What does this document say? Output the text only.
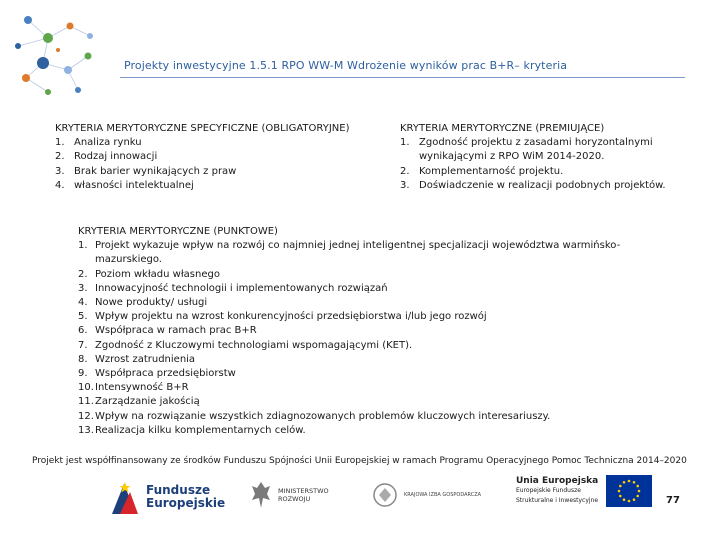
Projekty inwestycyjne 1.5.1 RPO WW-M Wdrożenie wyników prac B+R– kryteria
KRYTERIA MERYTORYCZNE SPECYFICZNE (OBLIGATORYJNE)
1. Analiza rynku
2. Rodzaj innowacji
3. Brak barier wynikających z praw
4. własności intelektualnej
KRYTERIA MERYTORYCZNE (PREMIUJĄCE)
1. Zgodność projektu z zasadami horyzontalnymi wynikającymi z RPO WiM 2014-2020.
2. Komplementarność projektu.
3. Doświadczenie w realizacji podobnych projektów.
KRYTERIA MERYTORYCZNE (PUNKTOWE)
1. Projekt wykazuje wpływ na rozwój co najmniej jednej inteligentnej specjalizacji województwa warmińsko-mazurskiego.
2. Poziom wkładu własnego
3. Innowacyjność technologii i implementowanych rozwiązań
4. Nowe produkty/ usługi
5. Wpływ projektu na wzrost konkurencyjności przedsiębiorstwa i/lub jego rozwój
6. Współpraca w ramach prac B+R
7. Zgodność z Kluczowymi technologiami wspomagającymi (KET).
8. Wzrost zatrudnienia
9. Współpraca przedsiębiorstw
10. Intensywność B+R
11. Zarządzanie jakością
12. Wpływ na rozwiązanie wszystkich zdiagnozowanych problemów kluczowych interesariuszy.
13. Realizacja kilku komplementarnych celów.
Projekt jest współfinansowany ze środków Funduszu Spójności Unii Europejskiej w ramach Programu Operacyjnego Pomoc Techniczna 2014–2020
Fundusze
Europejskie
MINISTERSTWO
ROZWOJU	KRAJOWA IZBA GOSPODARCZA
Unia Europejska
Europejskie Fundusze
Strukturalne i Inwestycyjne	77
